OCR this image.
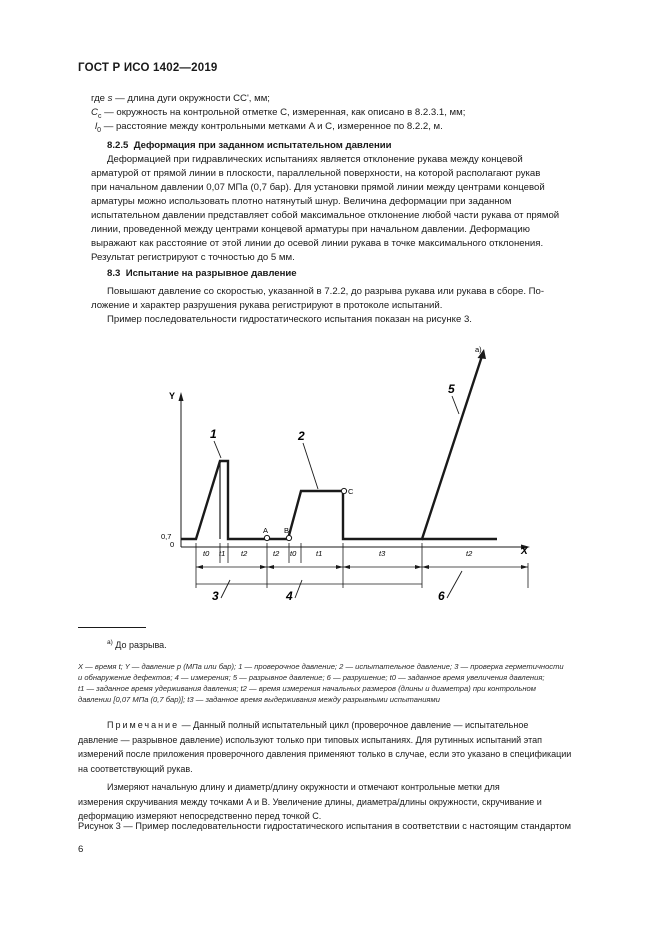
ГОСТ Р ИСО 1402—2019
где s — длина дуги окружности CC', мм;
$C_c$ — окружность на контрольной отметке C, измеренная, как описано в 8.2.3.1, мм;
$l_0$ — расстояние между контрольными метками A и C, измеренное по 8.2.2, м.
8.2.5 Деформация при заданном испытательном давлении
Деформацией при гидравлических испытаниях является отклонение рукава между концевой
арматурой от прямой линии в плоскости, параллельной поверхности, на которой располагают рукав
при начальном давлении 0,07 МПа (0,7 бар). Для установки прямой линии между центрами концевой
арматуры можно использовать плотно натянутый шнур. Величина деформации при заданном
испытательном давлении представляет собой максимальное отклонение любой части рукава от прямой
линии, проведенной между центрами концевой арматуры при начальном давлении. Деформацию
выражают как расстояние от этой линии до осевой линии рукава в точке максимального отклонения.
Результат регистрируют с точностью до 5 мм.
8.3 Испытание на разрывное давление
Повышают давление со скоростью, указанной в 7.2.2, до разрыва рукава или рукава в сборе. По-
ложение и характер разрушения рукава регистрируют в протоколе испытаний.
Пример последовательности гидростатического испытания показан на рисунке 3.
Y
X
0,7
0
A B
C
1	2
5
a)
t0 t1 t2	t2 t0	t1	t3	t2
3	4	6
$^{a)}$ До разрыва.
X — время t; Y — давление p (МПа или бар); 1 — проверочное давление; 2 — испытательное давление; 3 — проверка герметичности
и обнаружение дефектов; 4 — измерения; 5 — разрывное давление; 6 — разрушение; t0 — заданное время увеличения давления;
t1 — заданное время удерживания давления; t2 — время измерения начальных размеров (длины и диаметра) при контрольном
давлении [0,07 МПа (0,7 бар)]; t3 — заданное время выдерживания между разрывными испытаниями
Примечание — Данный полный испытательный цикл (проверочное давление — испытательное
давление — разрывное давление) используют только при типовых испытаниях. Для рутинных испытаний этап
измерений после приложения проверочного давления применяют только в случае, если это указано в спецификации
на соответствующий рукав.
Измеряют начальную длину и диаметр/длину окружности и отмечают контрольные метки для
измерения скручивания между точками A и B. Увеличение длины, диаметра/длины окружности, скручивание и
деформацию измеряют непосредственно перед точкой C.
Рисунок 3 — Пример последовательности гидростатического испытания в соответствии с настоящим стандартом
6
